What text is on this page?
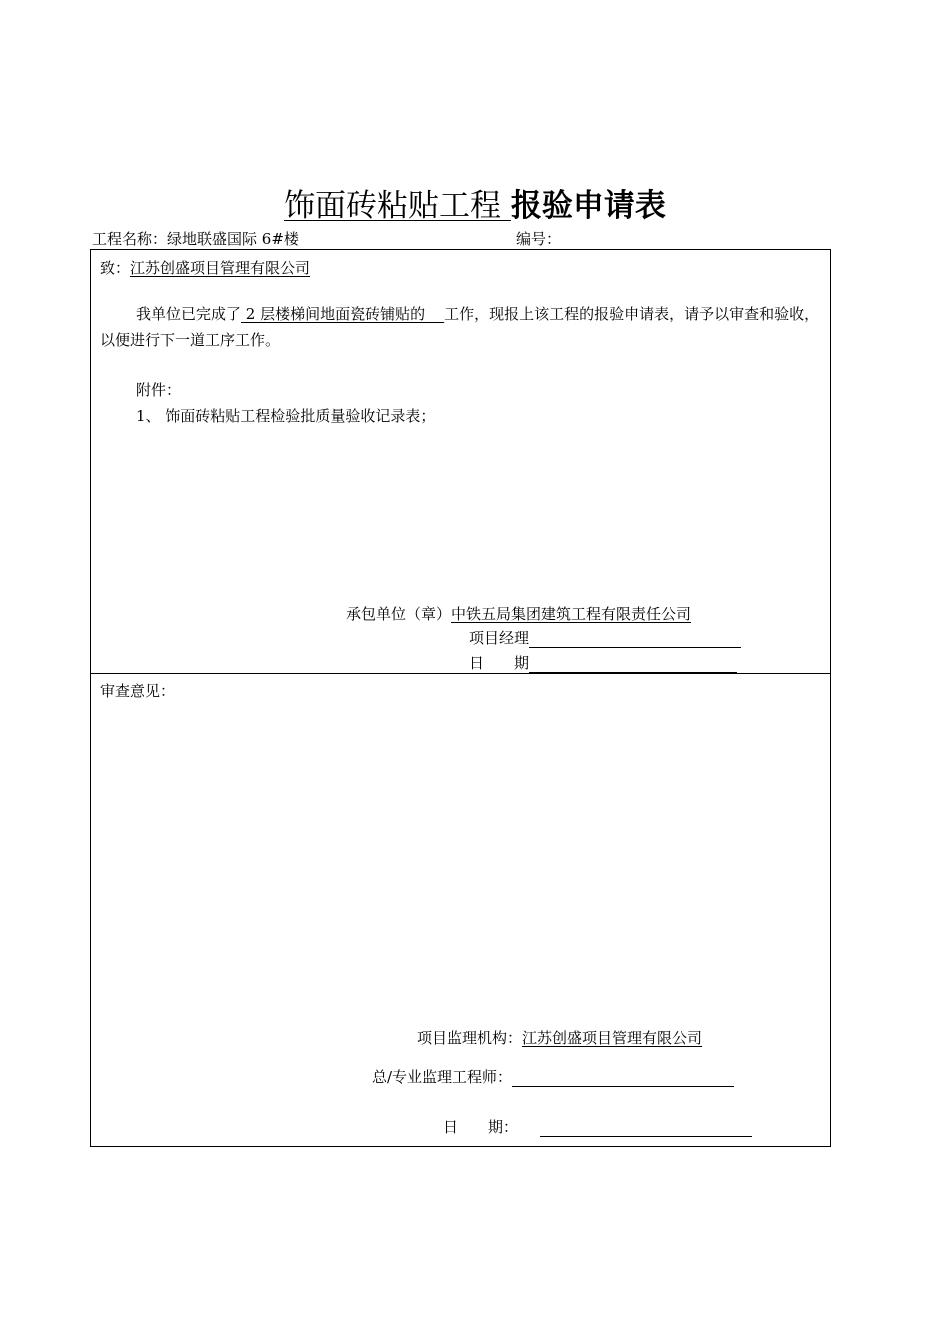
饰面砖粘贴工程 报验申请表
工程名称：绿地联盛国际 6#楼	编号：
致：江苏创盛项目管理有限公司
我单位已完成了 2 层楼梯间地面瓷砖铺贴的    工作，现报上该工程的报验申请表，请予以审查和验收，以便进行下一道工序工作。
附件：
1、 饰面砖粘贴工程检验批质量验收记录表；
承包单位（章）中铁五局集团建筑工程有限责任公司
项目经理
日　　期
审查意见：
项目监理机构：江苏创盛项目管理有限公司
总/专业监理工程师：
日　　期：
